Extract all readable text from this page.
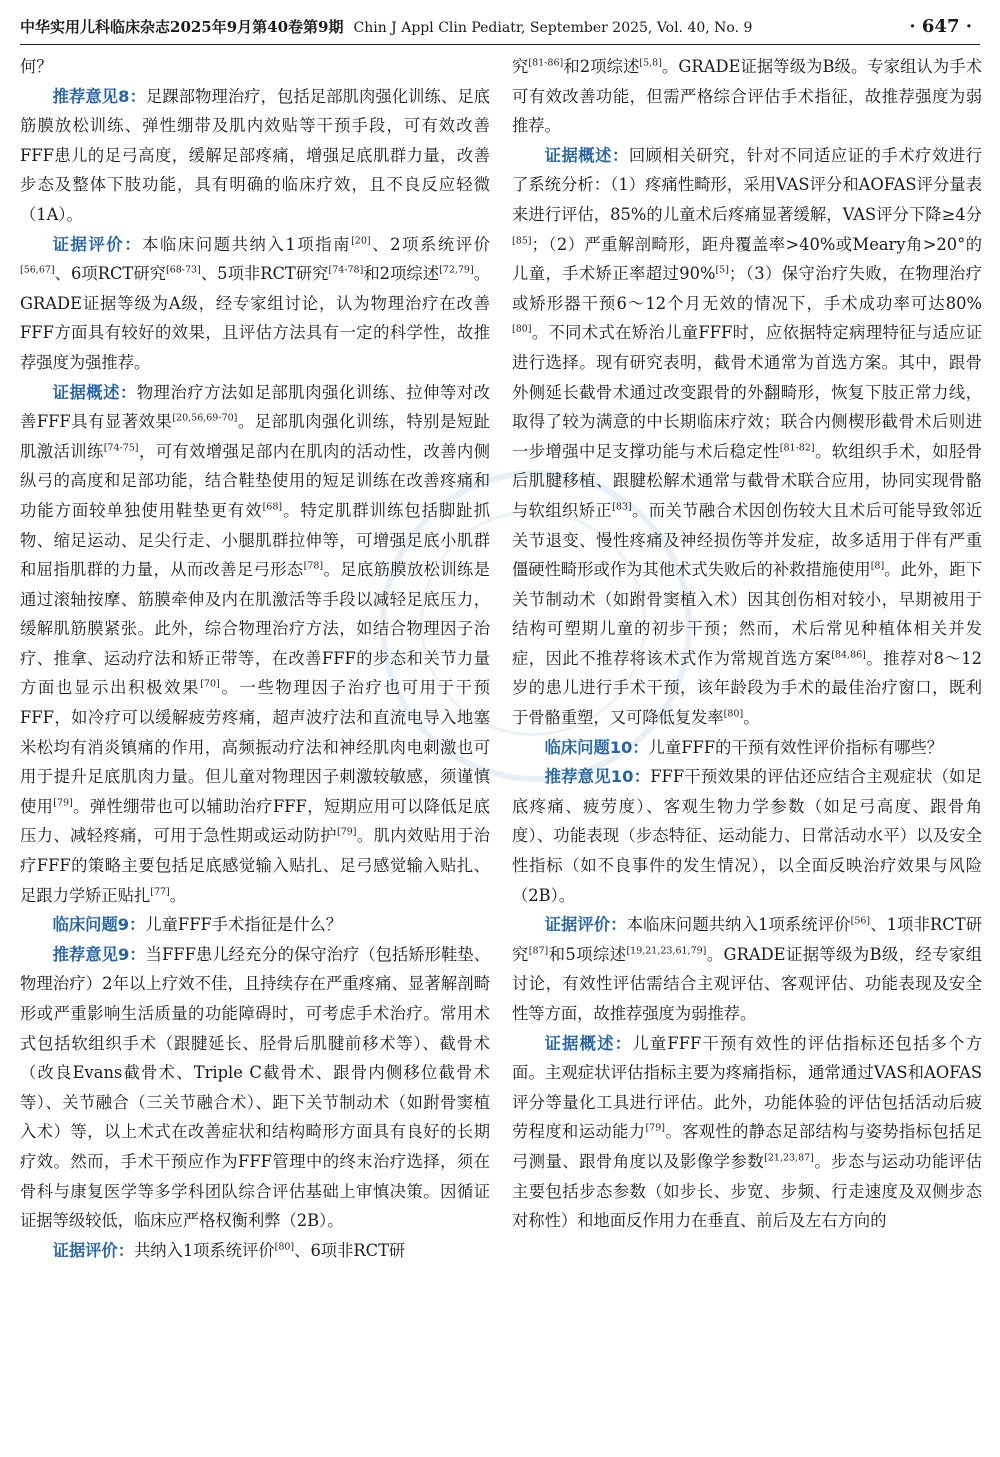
中华实用儿科临床杂志2025年9月第40卷第9期 Chin J Appl Clin Pediatr, September 2025, Vol. 40, No. 9	· 647 ·

何？

推荐意见8：足踝部物理治疗，包括足部肌肉强化训练、足底筋膜放松训练、弹性绷带及肌内效贴等干预手段，可有效改善FFF患儿的足弓高度，缓解足部疼痛，增强足底肌群力量，改善步态及整体下肢功能，具有明确的临床疗效，且不良反应轻微（1A）。

证据评价：本临床问题共纳入1项指南[20]、2项系统评价[56,67]、6项RCT研究[68-73]、5项非RCT研究[74-78]和2项综述[72,79]。GRADE证据等级为A级，经专家组讨论，认为物理治疗在改善FFF方面具有较好的效果，且评估方法具有一定的科学性，故推荐强度为强推荐。

证据概述：物理治疗方法如足部肌肉强化训练、拉伸等对改善FFF具有显著效果[20,56,69-70]。足部肌肉强化训练，特别是短趾肌激活训练[74-75]，可有效增强足部内在肌肉的活动性，改善内侧纵弓的高度和足部功能，结合鞋垫使用的短足训练在改善疼痛和功能方面较单独使用鞋垫更有效[68]。特定肌群训练包括脚趾抓物、缩足运动、足尖行走、小腿肌群拉伸等，可增强足底小肌群和屈指肌群的力量，从而改善足弓形态[78]。足底筋膜放松训练是通过滚轴按摩、筋膜牵伸及内在肌激活等手段以减轻足底压力，缓解肌筋膜紧张。此外，综合物理治疗方法，如结合物理因子治疗、推拿、运动疗法和矫正带等，在改善FFF的步态和关节力量方面也显示出积极效果[70]。一些物理因子治疗也可用于干预FFF，如冷疗可以缓解疲劳疼痛，超声波疗法和直流电导入地塞米松均有消炎镇痛的作用，高频振动疗法和神经肌肉电刺激也可用于提升足底肌肉力量。但儿童对物理因子刺激较敏感，须谨慎使用[79]。弹性绷带也可以辅助治疗FFF，短期应用可以降低足底压力、减轻疼痛，可用于急性期或运动防护[79]。肌内效贴用于治疗FFF的策略主要包括足底感觉输入贴扎、足弓感觉输入贴扎、足跟力学矫正贴扎[77]。

临床问题9：儿童FFF手术指征是什么？

推荐意见9：当FFF患儿经充分的保守治疗（包括矫形鞋垫、物理治疗）2年以上疗效不佳，且持续存在严重疼痛、显著解剖畸形或严重影响生活质量的功能障碍时，可考虑手术治疗。常用术式包括软组织手术（跟腱延长、胫骨后肌腱前移术等）、截骨术（改良Evans截骨术、Triple C截骨术、跟骨内侧移位截骨术等）、关节融合（三关节融合术）、距下关节制动术（如跗骨窦植入术）等，以上术式在改善症状和结构畸形方面具有良好的长期疗效。然而，手术干预应作为FFF管理中的终末治疗选择，须在骨科与康复医学等多学科团队综合评估基础上审慎决策。因循证证据等级较低，临床应严格权衡利弊（2B）。

证据评价：共纳入1项系统评价[80]、6项非RCT研

究[81-86]和2项综述[5,8]。GRADE证据等级为B级。专家组认为手术可有效改善功能，但需严格综合评估手术指征，故推荐强度为弱推荐。

证据概述：回顾相关研究，针对不同适应证的手术疗效进行了系统分析：（1）疼痛性畸形，采用VAS评分和AOFAS评分量表来进行评估，85%的儿童术后疼痛显著缓解，VAS评分下降≥4分[85]；（2）严重解剖畸形，距舟覆盖率>40%或Meary角>20°的儿童，手术矫正率超过90%[5]；（3）保守治疗失败，在物理治疗或矫形器干预6～12个月无效的情况下，手术成功率可达80%[80]。不同术式在矫治儿童FFF时，应依据特定病理特征与适应证进行选择。现有研究表明，截骨术通常为首选方案。其中，跟骨外侧延长截骨术通过改变跟骨的外翻畸形，恢复下肢正常力线，取得了较为满意的中长期临床疗效；联合内侧楔形截骨术后则进一步增强中足支撑功能与术后稳定性[81-82]。软组织手术，如胫骨后肌腱移植、跟腱松解术通常与截骨术联合应用，协同实现骨骼与软组织矫正[83]。而关节融合术因创伤较大且术后可能导致邻近关节退变、慢性疼痛及神经损伤等并发症，故多适用于伴有严重僵硬性畸形或作为其他术式失败后的补救措施使用[8]。此外，距下关节制动术（如跗骨窦植入术）因其创伤相对较小，早期被用于结构可塑期儿童的初步干预；然而，术后常见种植体相关并发症，因此不推荐将该术式作为常规首选方案[84,86]。推荐对8～12岁的患儿进行手术干预，该年龄段为手术的最佳治疗窗口，既利于骨骼重塑，又可降低复发率[80]。

临床问题10：儿童FFF的干预有效性评价指标有哪些？

推荐意见10：FFF干预效果的评估还应结合主观症状（如足底疼痛、疲劳度）、客观生物力学参数（如足弓高度、跟骨角度）、功能表现（步态特征、运动能力、日常活动水平）以及安全性指标（如不良事件的发生情况），以全面反映治疗效果与风险（2B）。

证据评价：本临床问题共纳入1项系统评价[56]、1项非RCT研究[87]和5项综述[19,21,23,61,79]。GRADE证据等级为B级，经专家组讨论，有效性评估需结合主观评估、客观评估、功能表现及安全性等方面，故推荐强度为弱推荐。

证据概述：儿童FFF干预有效性的评估指标还包括多个方面。主观症状评估指标主要为疼痛指标，通常通过VAS和AOFAS评分等量化工具进行评估。此外，功能体验的评估包括活动后疲劳程度和运动能力[79]。客观性的静态足部结构与姿势指标包括足弓测量、跟骨角度以及影像学参数[21,23,87]。步态与运动功能评估主要包括步态参数（如步长、步宽、步频、行走速度及双侧步态对称性）和地面反作用力在垂直、前后及左右方向的
